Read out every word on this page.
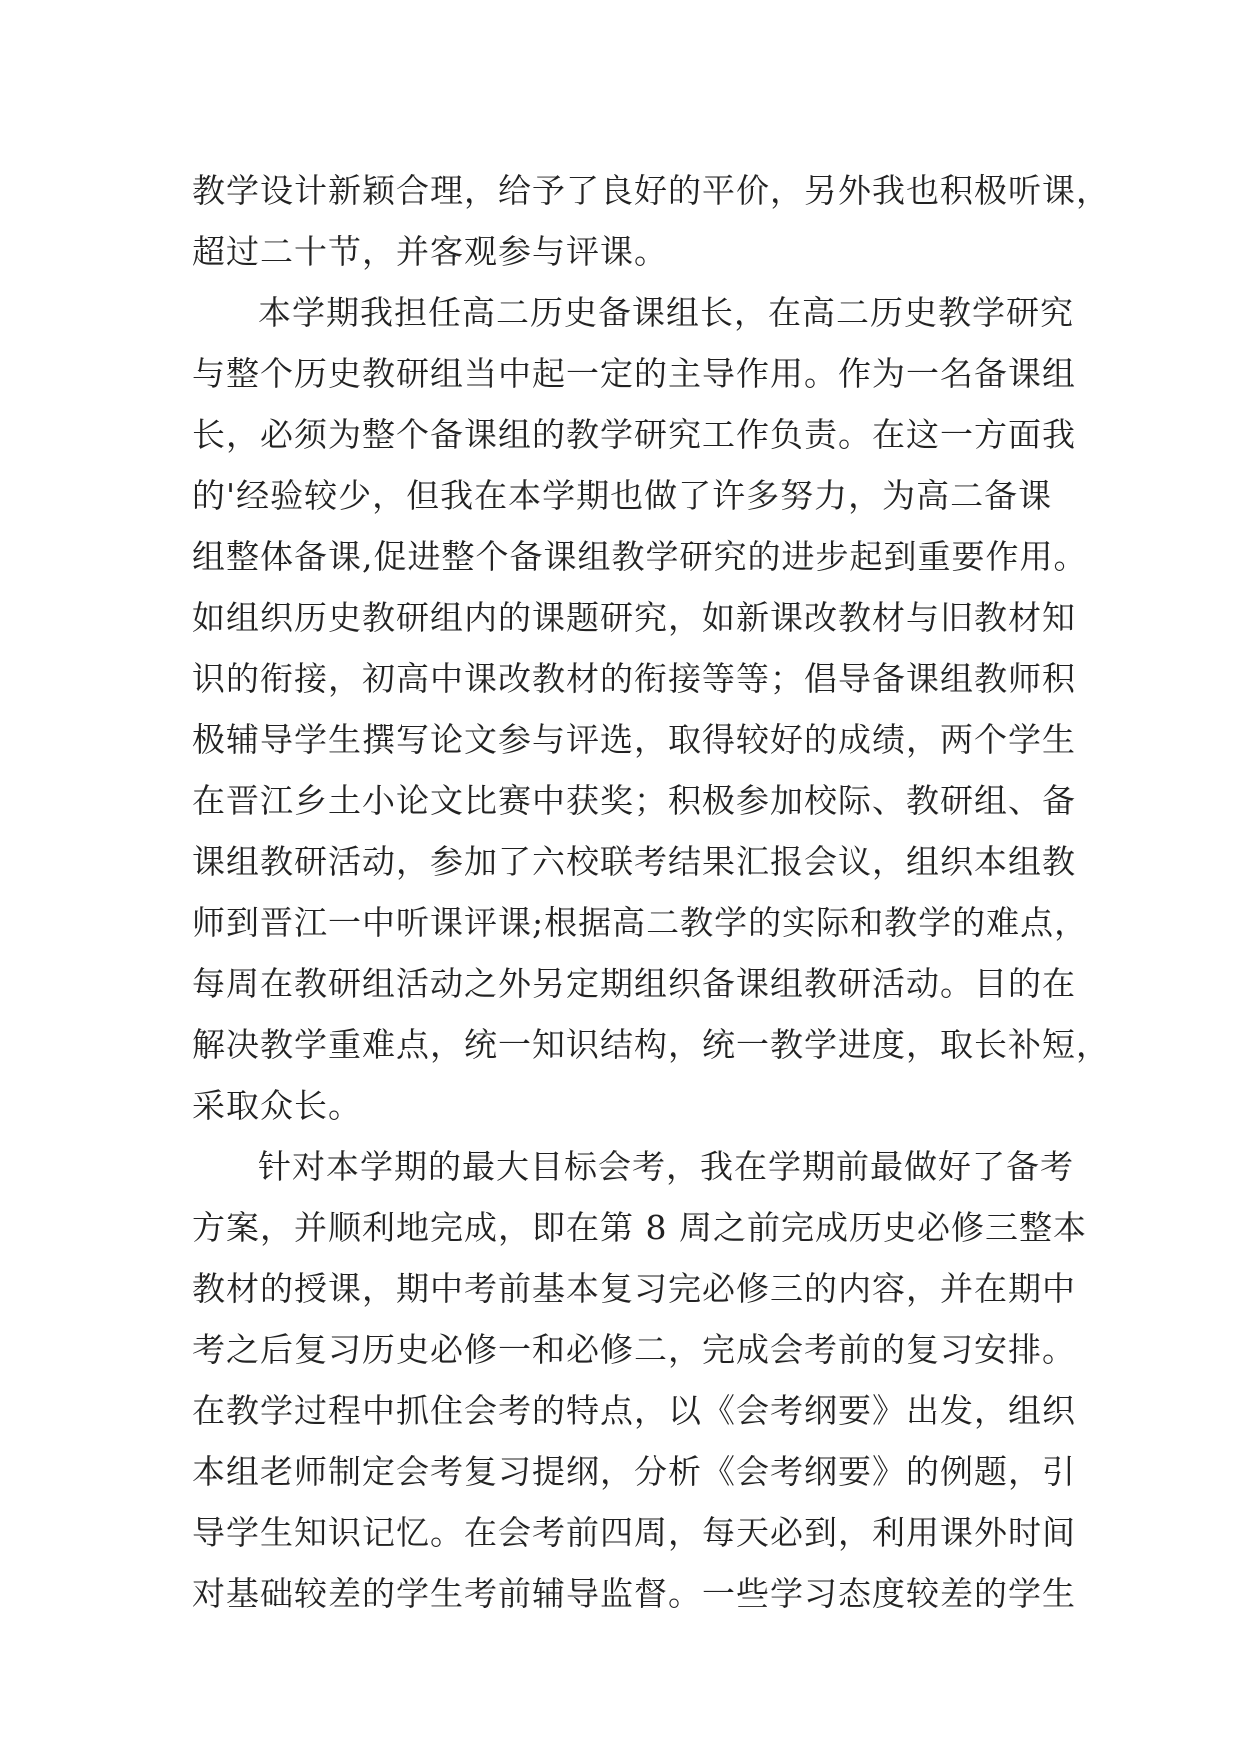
教学设计新颖合理，给予了良好的平价，另外我也积极听课，
超过二十节，并客观参与评课。
本学期我担任高二历史备课组长，在高二历史教学研究
与整个历史教研组当中起一定的主导作用。作为一名备课组
长，必须为整个备课组的教学研究工作负责。在这一方面我
的'经验较少，但我在本学期也做了许多努力，为高二备课
组整体备课,促进整个备课组教学研究的进步起到重要作用。
如组织历史教研组内的课题研究，如新课改教材与旧教材知
识的衔接，初高中课改教材的衔接等等；倡导备课组教师积
极辅导学生撰写论文参与评选，取得较好的成绩，两个学生
在晋江乡土小论文比赛中获奖；积极参加校际、教研组、备
课组教研活动，参加了六校联考结果汇报会议，组织本组教
师到晋江一中听课评课;根据高二教学的实际和教学的难点，
每周在教研组活动之外另定期组织备课组教研活动。目的在
解决教学重难点，统一知识结构，统一教学进度，取长补短，
采取众长。
针对本学期的最大目标会考，我在学期前最做好了备考
方案，并顺利地完成，即在第 8 周之前完成历史必修三整本
教材的授课，期中考前基本复习完必修三的内容，并在期中
考之后复习历史必修一和必修二，完成会考前的复习安排。
在教学过程中抓住会考的特点，以《会考纲要》出发，组织
本组老师制定会考复习提纲，分析《会考纲要》的例题，引
导学生知识记忆。在会考前四周，每天必到，利用课外时间
对基础较差的学生考前辅导监督。一些学习态度较差的学生
